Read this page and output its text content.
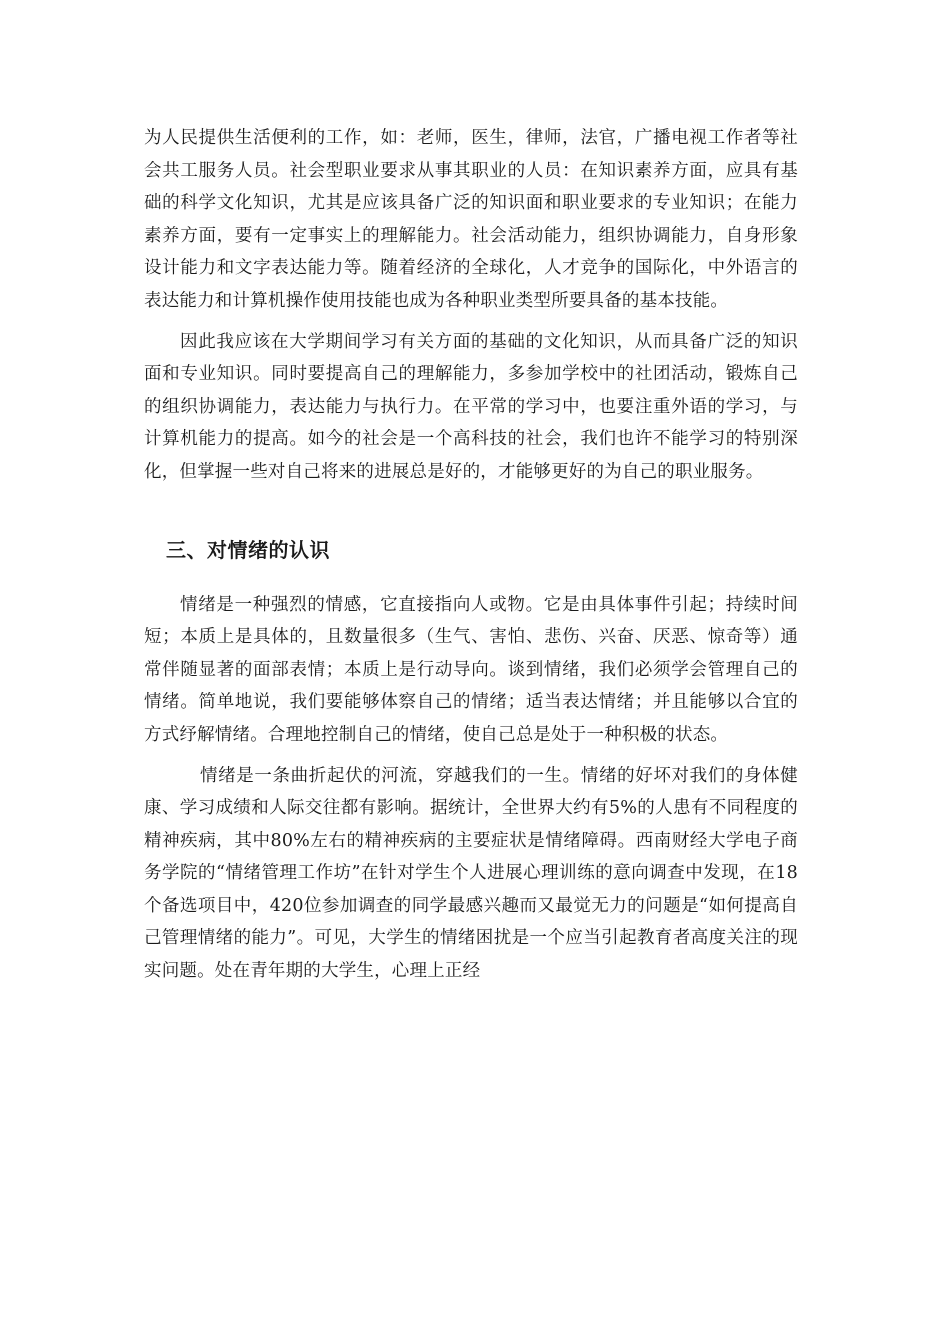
为人民提供生活便利的工作，如：老师，医生，律师，法官，广播电视工作者等社会共工服务人员。社会型职业要求从事其职业的人员：在知识素养方面，应具有基础的科学文化知识，尤其是应该具备广泛的知识面和职业要求的专业知识；在能力素养方面，要有一定事实上的理解能力。社会活动能力，组织协调能力，自身形象设计能力和文字表达能力等。随着经济的全球化，人才竞争的国际化，中外语言的表达能力和计算机操作使用技能也成为各种职业类型所要具备的基本技能。

因此我应该在大学期间学习有关方面的基础的文化知识，从而具备广泛的知识面和专业知识。同时要提高自己的理解能力，多参加学校中的社团活动，锻炼自己的组织协调能力，表达能力与执行力。在平常的学习中，也要注重外语的学习，与计算机能力的提高。如今的社会是一个高科技的社会，我们也许不能学习的特别深化，但掌握一些对自己将来的进展总是好的，才能够更好的为自己的职业服务。

三、对情绪的认识

情绪是一种强烈的情感，它直接指向人或物。它是由具体事件引起；持续时间短；本质上是具体的，且数量很多（生气、害怕、悲伤、兴奋、厌恶、惊奇等）通常伴随显著的面部表情；本质上是行动导向。谈到情绪，我们必须学会管理自己的情绪。简单地说，我们要能够体察自己的情绪；适当表达情绪；并且能够以合宜的方式纾解情绪。合理地控制自己的情绪，使自己总是处于一种积极的状态。

情绪是一条曲折起伏的河流，穿越我们的一生。情绪的好坏对我们的身体健康、学习成绩和人际交往都有影响。据统计，全世界大约有5%的人患有不同程度的精神疾病，其中80%左右的精神疾病的主要症状是情绪障碍。西南财经大学电子商务学院的“情绪管理工作坊”在针对学生个人进展心理训练的意向调查中发现，在18个备选项目中，420位参加调查的同学最感兴趣而又最觉无力的问题是“如何提高自己管理情绪的能力”。可见，大学生的情绪困扰是一个应当引起教育者高度关注的现实问题。处在青年期的大学生，心理上正经
